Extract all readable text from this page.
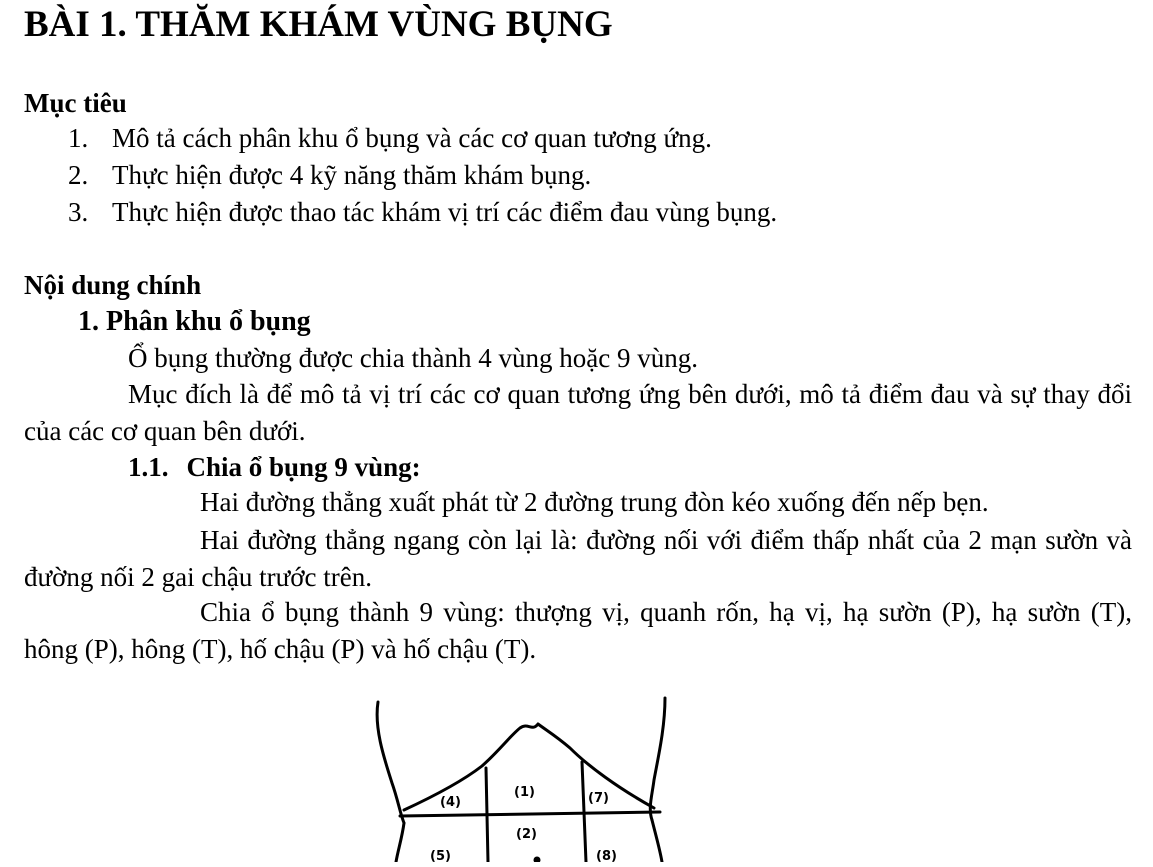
BÀI 1. THĂM KHÁM VÙNG BỤNG
Mục tiêu
1. Mô tả cách phân khu ổ bụng và các cơ quan tương ứng.
2. Thực hiện được 4 kỹ năng thăm khám bụng.
3. Thực hiện được thao tác khám vị trí các điểm đau vùng bụng.
Nội dung chính
1. Phân khu ổ bụng
Ổ bụng thường được chia thành 4 vùng hoặc 9 vùng.
Mục đích là để mô tả vị trí các cơ quan tương ứng bên dưới, mô tả điểm đau và sự thay đổi của các cơ quan bên dưới.
1.1. Chia ổ bụng 9 vùng:
Hai đường thẳng xuất phát từ 2 đường trung đòn kéo xuống đến nếp bẹn.
Hai đường thẳng ngang còn lại là: đường nối với điểm thấp nhất của 2 mạn sườn và đường nối 2 gai chậu trước trên.
Chia ổ bụng thành 9 vùng: thượng vị, quanh rốn, hạ vị, hạ sườn (P), hạ sườn (T), hông (P), hông (T), hố chậu (P) và hố chậu (T).
(4)
(1)	(7)
(2)
(5)	(8)
